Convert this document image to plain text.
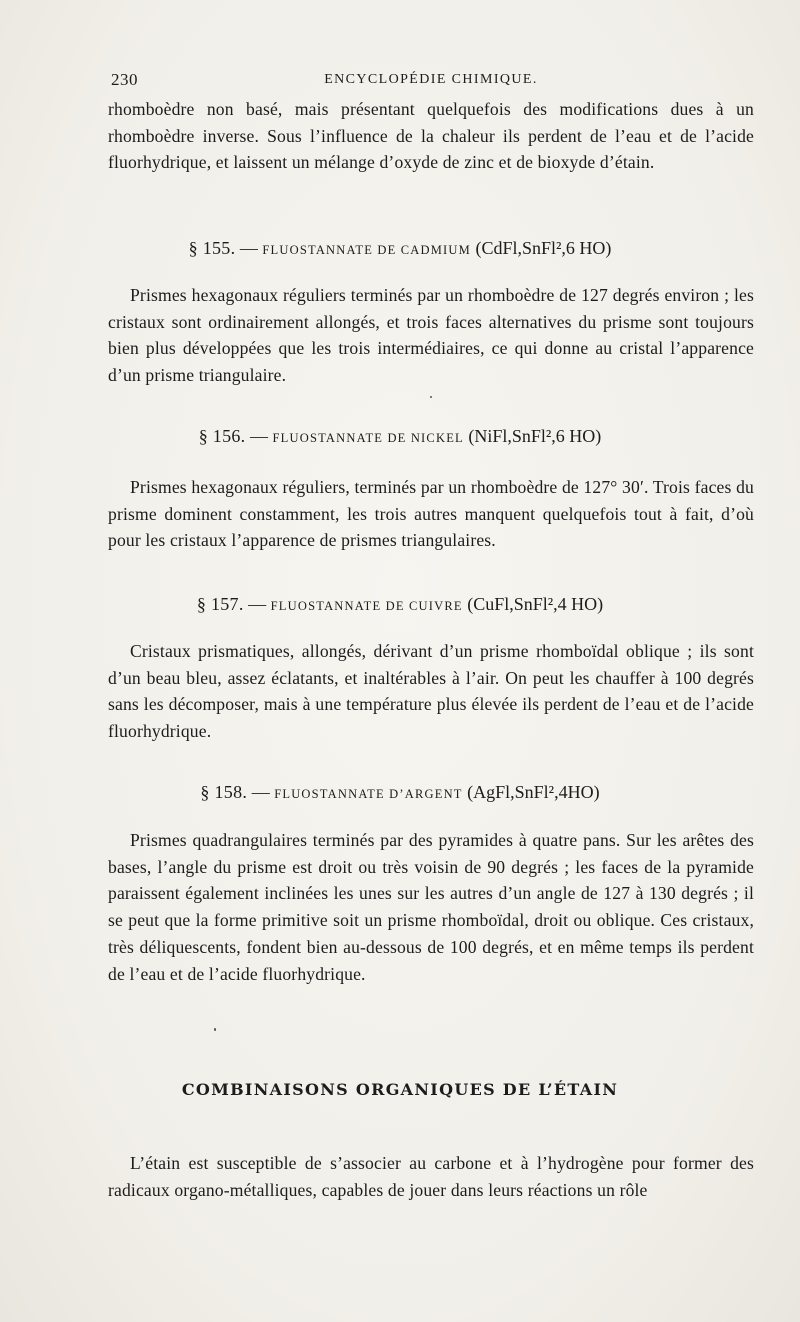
230	ENCYCLOPÉDIE CHIMIQUE.

rhomboèdre non basé, mais présentant quelquefois des modifications dues à un rhomboèdre inverse. Sous l’influence de la chaleur ils perdent de l’eau et de l’acide fluorhydrique, et laissent un mélange d’oxyde de zinc et de bioxyde d’étain.

§ 155. — FLUOSTANNATE DE CADMIUM (CdFl,SnFl²,6 HO)

Prismes hexagonaux réguliers terminés par un rhomboèdre de 127 degrés environ ; les cristaux sont ordinairement allongés, et trois faces alternatives du prisme sont toujours bien plus développées que les trois intermédiaires, ce qui donne au cristal l’apparence d’un prisme triangulaire.

§ 156. — FLUOSTANNATE DE NICKEL (NiFl,SnFl²,6 HO)

Prismes hexagonaux réguliers, terminés par un rhomboèdre de 127° 30′. Trois faces du prisme dominent constamment, les trois autres manquent quelquefois tout à fait, d’où pour les cristaux l’apparence de prismes triangulaires.

§ 157. — FLUOSTANNATE DE CUIVRE (CuFl,SnFl²,4 HO)

Cristaux prismatiques, allongés, dérivant d’un prisme rhomboïdal oblique ; ils sont d’un beau bleu, assez éclatants, et inaltérables à l’air. On peut les chauffer à 100 degrés sans les décomposer, mais à une température plus élevée ils perdent de l’eau et de l’acide fluorhydrique.

§ 158. — FLUOSTANNATE D’ARGENT (AgFl,SnFl²,4HO)

Prismes quadrangulaires terminés par des pyramides à quatre pans. Sur les arêtes des bases, l’angle du prisme est droit ou très voisin de 90 degrés ; les faces de la pyramide paraissent également inclinées les unes sur les autres d’un angle de 127 à 130 degrés ; il se peut que la forme primitive soit un prisme rhomboïdal, droit ou oblique. Ces cristaux, très déliquescents, fondent bien au-dessous de 100 degrés, et en même temps ils perdent de l’eau et de l’acide fluorhydrique.

COMBINAISONS ORGANIQUES DE L’ÉTAIN

L’étain est susceptible de s’associer au carbone et à l’hydrogène pour former des radicaux organo-métalliques, capables de jouer dans leurs réactions un rôle
